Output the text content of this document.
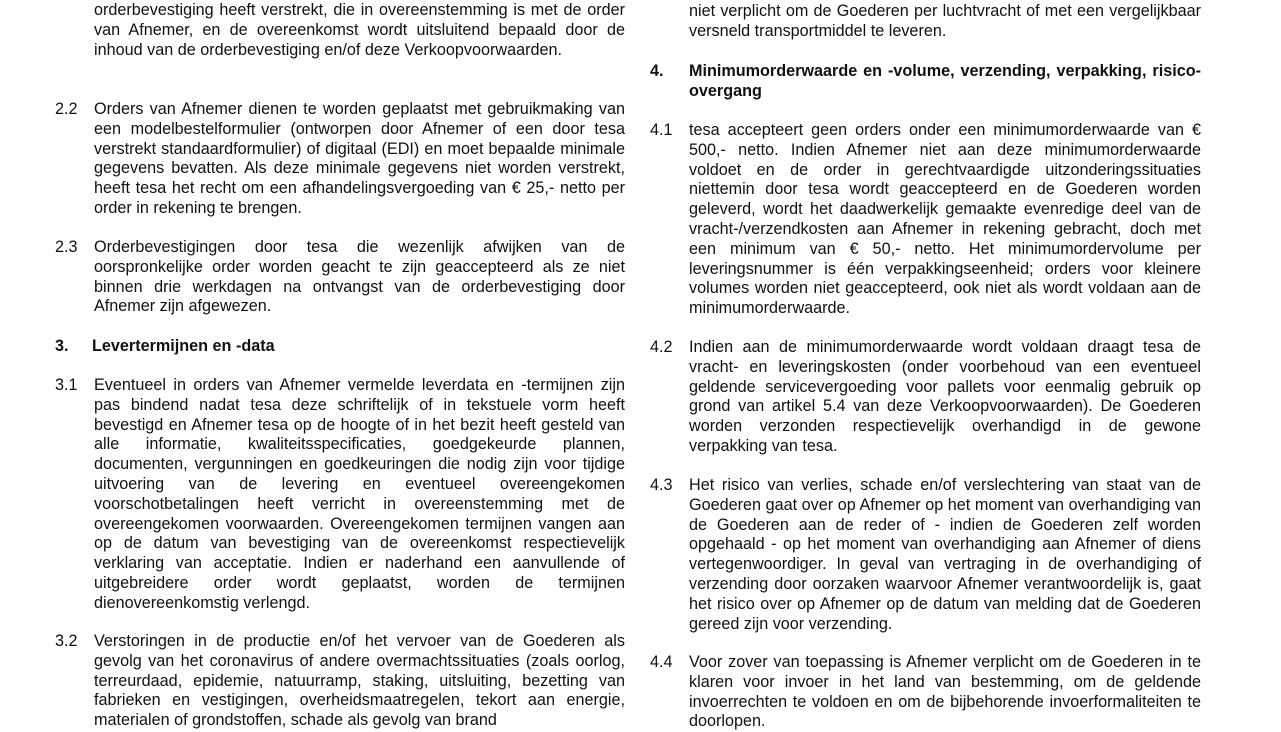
orderbevestiging heeft verstrekt, die in overeenstemming is met de order van Afnemer, en de overeenkomst wordt uitsluitend bepaald door de inhoud van de orderbevestiging en/of deze Verkoopvoorwaarden.
2.2 Orders van Afnemer dienen te worden geplaatst met gebruikmaking van een modelbestelformulier (ontworpen door Afnemer of een door tesa verstrekt standaardformulier) of digitaal (EDI) en moet bepaalde minimale gegevens bevatten. Als deze minimale gegevens niet worden verstrekt, heeft tesa het recht om een afhandelingsvergoeding van € 25,- netto per order in rekening te brengen.
2.3 Orderbevestigingen door tesa die wezenlijk afwijken van de oorspronkelijke order worden geacht te zijn geaccepteerd als ze niet binnen drie werkdagen na ontvangst van de orderbevestiging door Afnemer zijn afgewezen.
3. Levertermijnen en -data
3.1 Eventueel in orders van Afnemer vermelde leverdata en -termijnen zijn pas bindend nadat tesa deze schriftelijk of in tekstuele vorm heeft bevestigd en Afnemer tesa op de hoogte of in het bezit heeft gesteld van alle informatie, kwaliteitsspecificaties, goedgekeurde plannen, documenten, vergunningen en goedkeuringen die nodig zijn voor tijdige uitvoering van de levering en eventueel overeengekomen voorschotbetalingen heeft verricht in overeenstemming met de overeengekomen voorwaarden. Overeengekomen termijnen vangen aan op de datum van bevestiging van de overeenkomst respectievelijk verklaring van acceptatie. Indien er naderhand een aanvullende of uitgebreidere order wordt geplaatst, worden de termijnen dienovereenkomstig verlengd.
3.2 Verstoringen in de productie en/of het vervoer van de Goederen als gevolg van het coronavirus of andere overmachtssituaties (zoals oorlog, terreurdaad, epidemie, natuurramp, staking, uitsluiting, bezetting van fabrieken en vestigingen, overheidsmaatregelen, tekort aan energie, materialen of grondstoffen, schade als gevolg van brand
niet verplicht om de Goederen per luchtvracht of met een vergelijkbaar versneld transportmiddel te leveren.
4. Minimumorderwaarde en -volume, verzending, verpakking, risico-overgang
4.1 tesa accepteert geen orders onder een minimumorderwaarde van € 500,- netto. Indien Afnemer niet aan deze minimumorderwaarde voldoet en de order in gerechtvaardigde uitzonderingssituaties niettemin door tesa wordt geaccepteerd en de Goederen worden geleverd, wordt het daadwerkelijk gemaakte evenredige deel van de vracht-/verzendkosten aan Afnemer in rekening gebracht, doch met een minimum van € 50,- netto. Het minimumordervolume per leveringsnummer is één verpakkingseenheid; orders voor kleinere volumes worden niet geaccepteerd, ook niet als wordt voldaan aan de minimumorderwaarde.
4.2 Indien aan de minimumorderwaarde wordt voldaan draagt tesa de vracht- en leveringskosten (onder voorbehoud van een eventueel geldende servicevergoeding voor pallets voor eenmalig gebruik op grond van artikel 5.4 van deze Verkoopvoorwaarden). De Goederen worden verzonden respectievelijk overhandigd in de gewone verpakking van tesa.
4.3 Het risico van verlies, schade en/of verslechtering van staat van de Goederen gaat over op Afnemer op het moment van overhandiging van de Goederen aan de reder of - indien de Goederen zelf worden opgehaald - op het moment van overhandiging aan Afnemer of diens vertegenwoordiger. In geval van vertraging in de overhandiging of verzending door oorzaken waarvoor Afnemer verantwoordelijk is, gaat het risico over op Afnemer op de datum van melding dat de Goederen gereed zijn voor verzending.
4.4 Voor zover van toepassing is Afnemer verplicht om de Goederen in te klaren voor invoer in het land van bestemming, om de geldende invoerrechten te voldoen en om de bijbehorende invoerformaliteiten te doorlopen.
